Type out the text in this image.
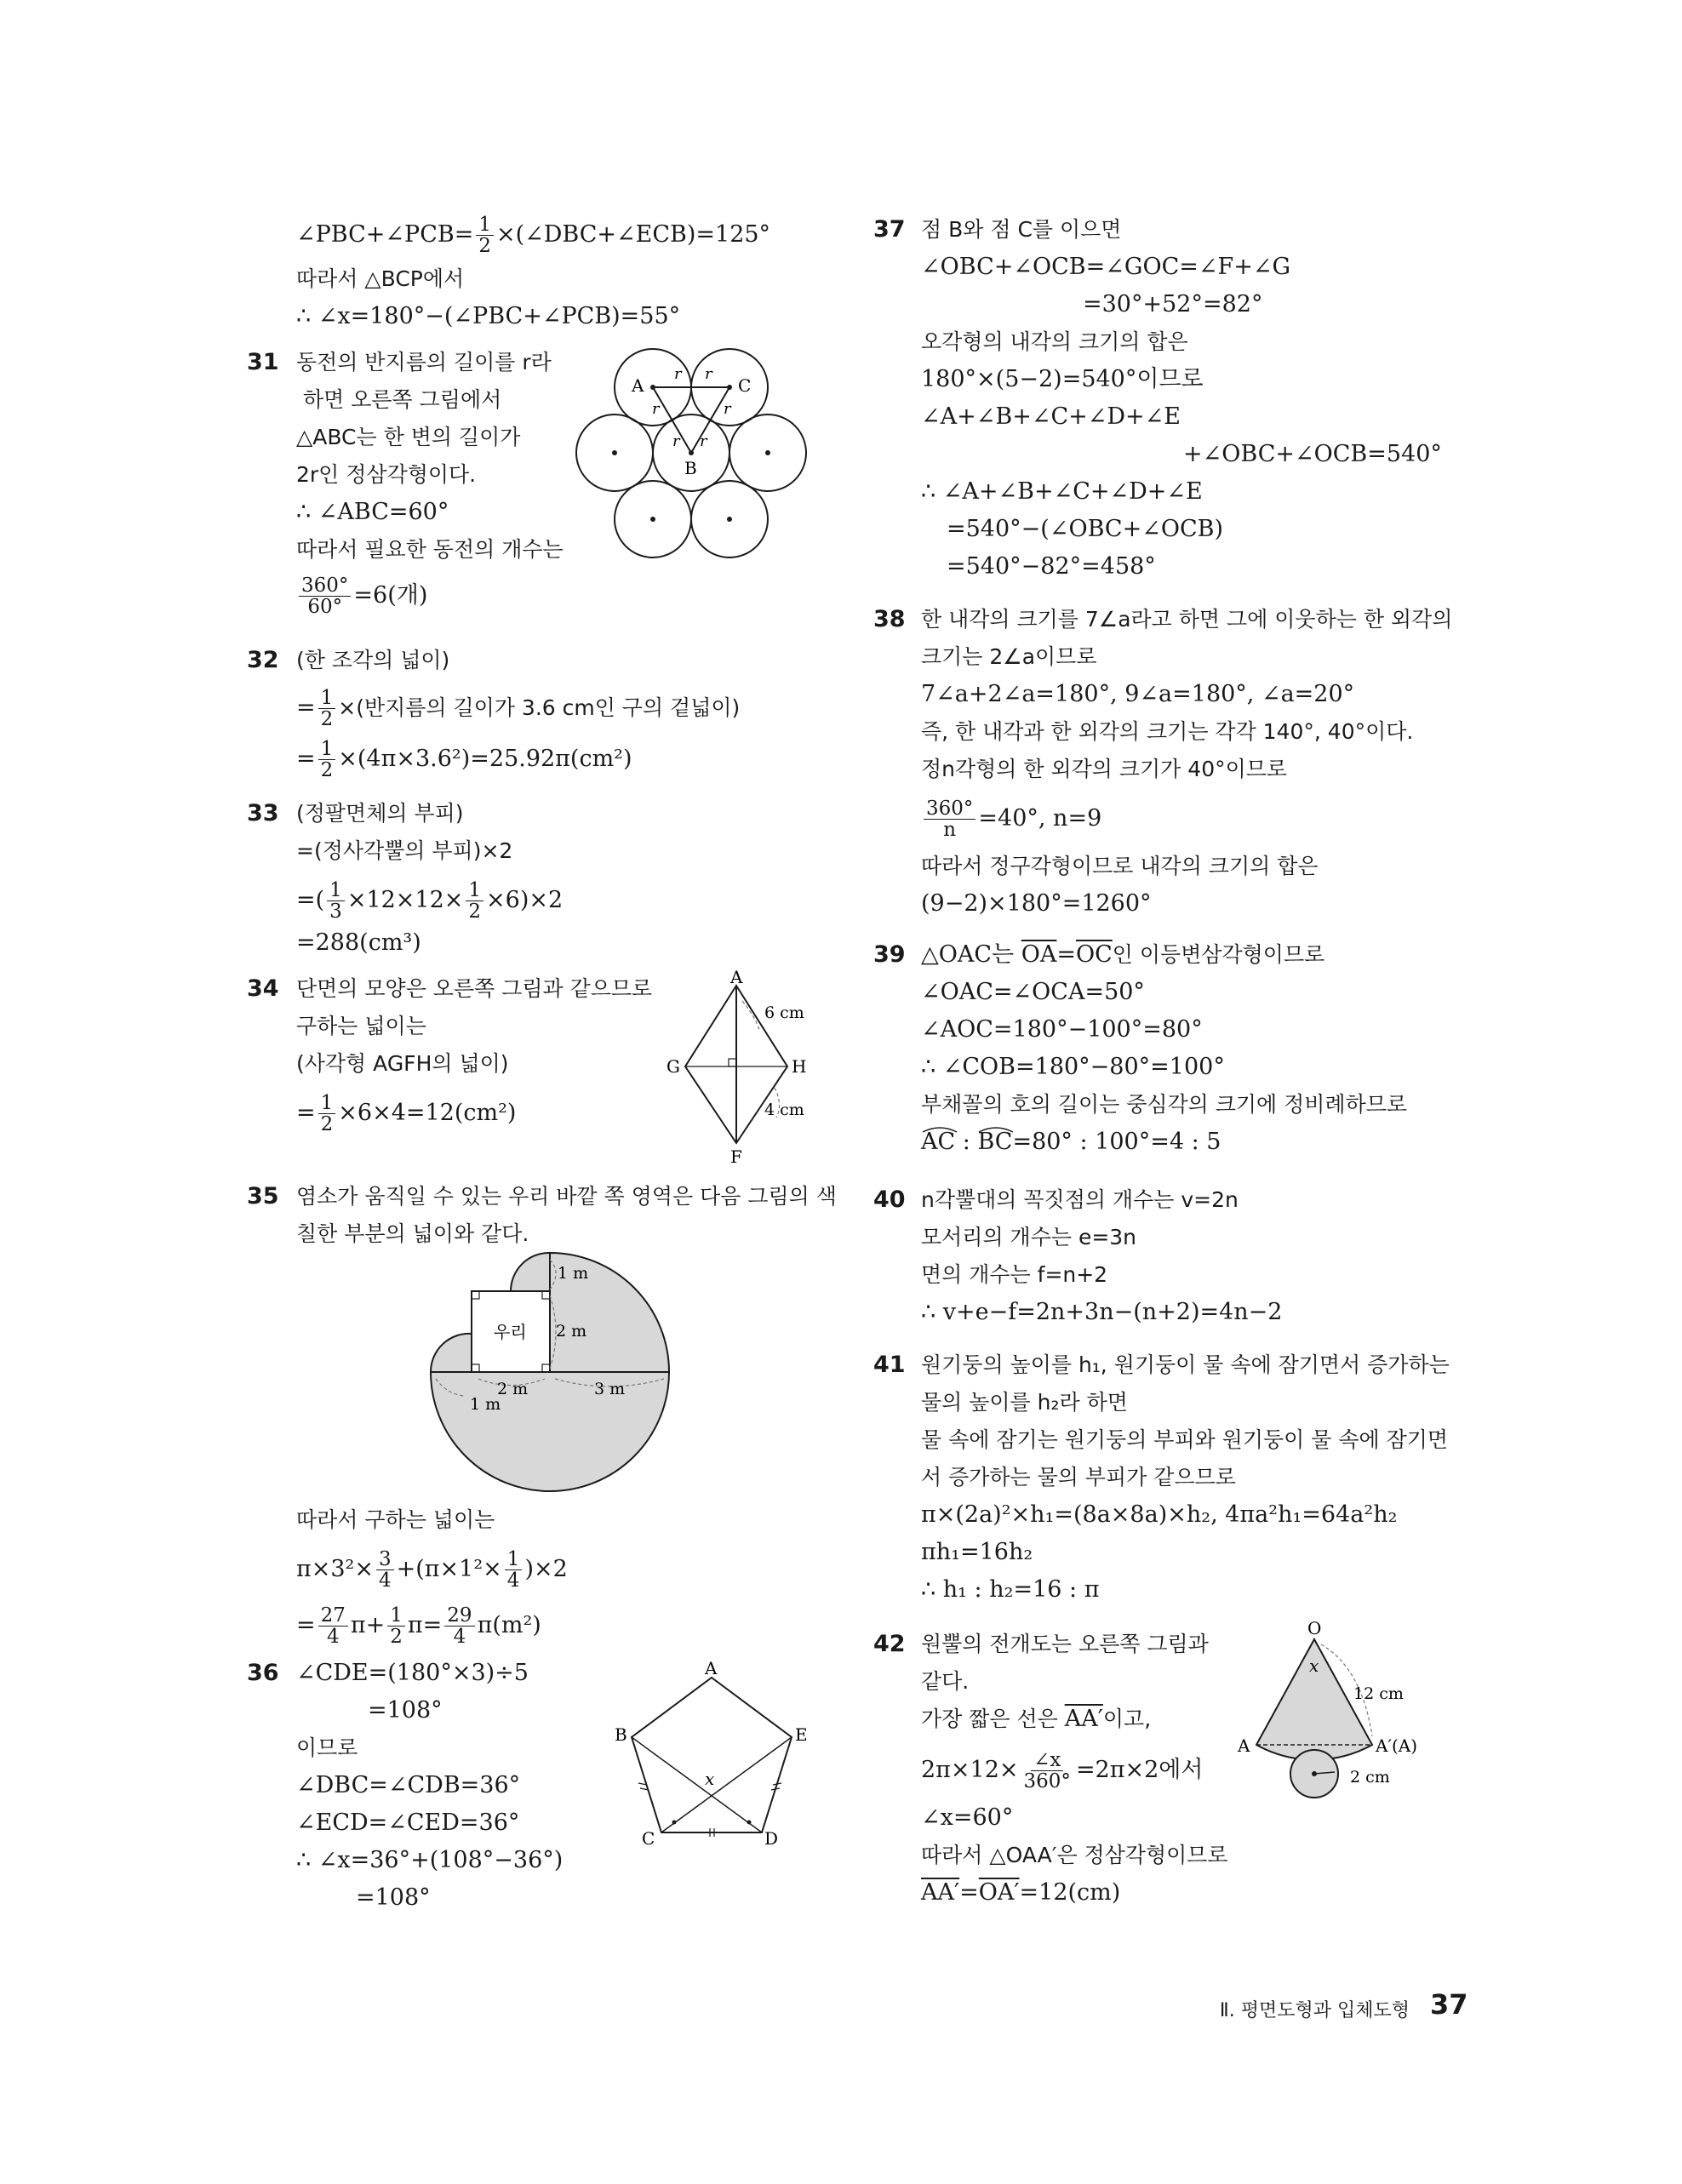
∠PBC+∠PCB= $\frac{1}{2}$ ×(∠DBC+∠ECB)=125°
따라서 △BCP에서
∴ ∠x=180°−(∠PBC+∠PCB)=55°
31 동전의 반지름의 길이를 r라
하면 오른쪽 그림에서
△ABC는 한 변의 길이가
2r인 정삼각형이다.
∴ ∠ABC=60°
따라서 필요한 동전의 개수는
$\frac{360^\circ}{60^\circ} =6$(개)
A	C
B
r r
r	r
r r
32 (한 조각의 넓이)
= $\frac{1}{2}$ ×(반지름의 길이가 3.6 cm인 구의 겉넓이)
= $\frac{1}{2} \times(4\pi\times 3.6^2)=25.92\pi(cm^2)$
33 (정팔면체의 부피)
=(정사각뿔의 부피)×2
=( $\frac{1}{3} \times 12\times 12\times \frac{1}{2} \times 6)\times 2$
=288(cm³)
34 단면의 모양은 오른쪽 그림과 같으므로
구하는 넓이는
(사각형 AGFH의 넓이)
= $\frac{1}{2} \times 6\times 4=12(cm^2)$
A
G	H
F
6 cm
4 cm
35 염소가 움직일 수 있는 우리 바깥 쪽 영역은 다음 그림의 색
칠한 부분의 넓이와 같다.
우리
1 m
2 m
2 m	3 m
1 m
따라서 구하는 넓이는
$\pi\times 3^2\times \frac{3}{4} +(\pi\times 1^2\times \frac{1}{4} )\times 2$
= $\frac{27}{4} \pi+ \frac{1}{2} \pi= \frac{29}{4} \pi(m^2)$
36 ∠CDE=(180°×3)÷5
=108°
이므로
∠DBC=∠CDB=36°
∠ECD=∠CED=36°
∴ ∠x=36°+(108°−36°)
=108°
A
B	E
C	D
x
37 점 B와 점 C를 이으면
∠OBC+∠OCB=∠GOC=∠F+∠G
=30°+52°=82°
오각형의 내각의 크기의 합은
180°×(5−2)=540°이므로
∠A+∠B+∠C+∠D+∠E
+∠OBC+∠OCB=540°
∴ ∠A+∠B+∠C+∠D+∠E
=540°−(∠OBC+∠OCB)
=540°−82°=458°
38 한 내각의 크기를 7∠a라고 하면 그에 이웃하는 한 외각의
크기는 2∠a이므로
7∠a+2∠a=180°, 9∠a=180°, ∠a=20°
즉, 한 내각과 한 외각의 크기는 각각 140°, 40°이다.
정n각형의 한 외각의 크기가 40°이므로
$\frac{360^\circ}{n} =40^\circ$, n=9
따라서 정구각형이므로 내각의 크기의 합은
(9−2)×180°=1260°
39 △OAC는 $\overline{OA}=\overline{OC}$인 이등변삼각형이므로
∠OAC=∠OCA=50°
∠AOC=180°−100°=80°
∴ ∠COB=180°−80°=100°
부채꼴의 호의 길이는 중심각의 크기에 정비례하므로
AC :
BC=80° : 100°=4 : 5
40 n각뿔대의 꼭짓점의 개수는 v=2n
모서리의 개수는 e=3n
면의 개수는 f=n+2
∴ v+e−f=2n+3n−(n+2)=4n−2
41 원기둥의 높이를 h₁, 원기둥이 물 속에 잠기면서 증가하는
물의 높이를 h₂라 하면
물 속에 잠기는 원기둥의 부피와 원기둥이 물 속에 잠기면
서 증가하는 물의 부피가 같으므로
π×(2a)²×h₁=(8a×8a)×h₂, 4πa²h₁=64a²h₂
πh₁=16h₂
∴ h₁ : h₂=16 : π
42 원뿔의 전개도는 오른쪽 그림과
같다.
가장 짧은 선은 AA′이고,
$2\pi\times 12\times \frac{\angle x}{360^\circ} =2\pi\times 2$에서
∠x=60°
따라서 △OAA′은 정삼각형이므로
AA′=OA′=12(cm)
O
x
A	A′(A)
12 cm
2 cm
Ⅱ. 평면도형과 입체도형 37
